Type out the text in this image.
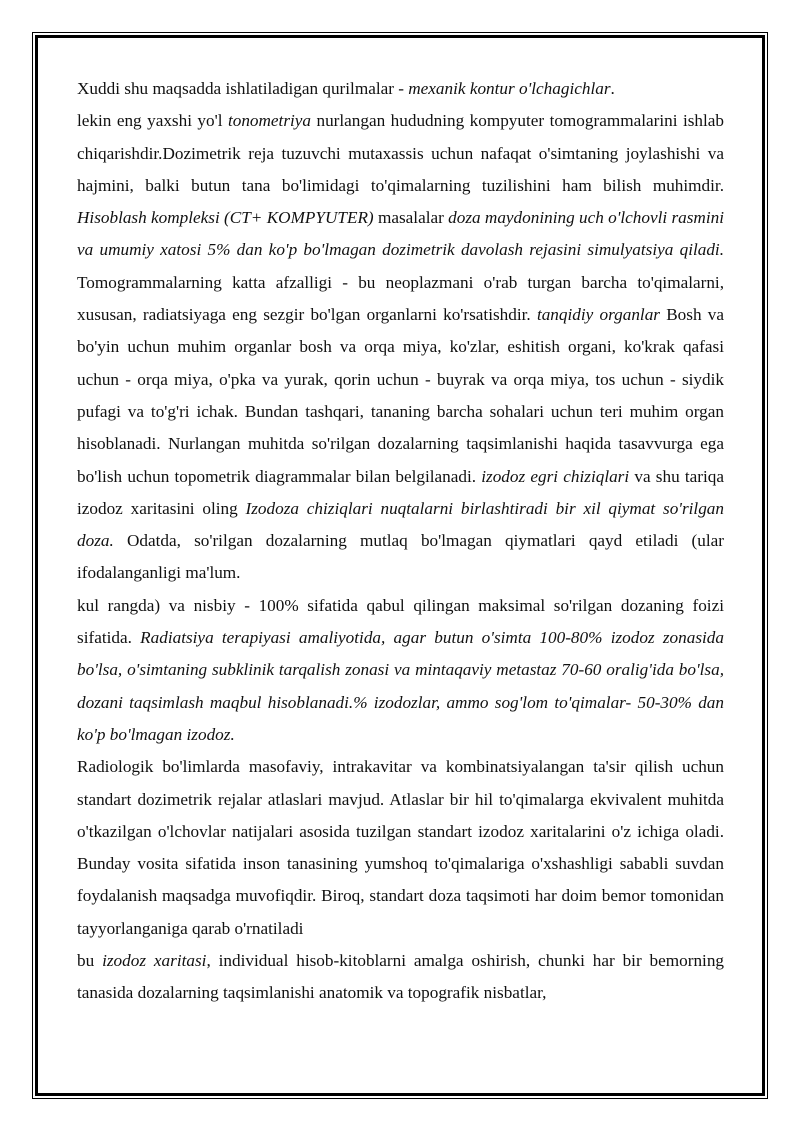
Xuddi shu maqsadda ishlatiladigan qurilmalar - mexanik kontur o'lchagichlar.

lekin eng yaxshi yo'l tonometriya nurlangan hududning kompyuter tomogrammalarini ishlab chiqarishdir.Dozimetrik reja tuzuvchi mutaxassis uchun nafaqat o'simtaning joylashishi va hajmini, balki butun tana bo'limidagi to'qimalarning tuzilishini ham bilish muhimdir. Hisoblash kompleksi (CT+ KOMPYUTER) masalalar doza maydonining uch o'lchovli rasmini va umumiy xatosi 5% dan ko'p bo'lmagan dozimetrik davolash rejasini simulyatsiya qiladi. Tomogrammalarning katta afzalligi - bu neoplazmani o'rab turgan barcha to'qimalarni, xususan, radiatsiyaga eng sezgir bo'lgan organlarni ko'rsatishdir. tanqidiy organlar Bosh va bo'yin uchun muhim organlar bosh va orqa miya, ko'zlar, eshitish organi, ko'krak qafasi uchun - orqa miya, o'pka va yurak, qorin uchun - buyrak va orqa miya, tos uchun - siydik pufagi va to'g'ri ichak. Bundan tashqari, tananing barcha sohalari uchun teri muhim organ hisoblanadi. Nurlangan muhitda so'rilgan dozalarning taqsimlanishi haqida tasavvurga ega bo'lish uchun topometrik diagrammalar bilan belgilanadi. izodoz egri chiziqlari va shu tariqa izodoz xaritasini oling Izodoza chiziqlari nuqtalarni birlashtiradi bir xil qiymat so'rilgan doza. Odatda, so'rilgan dozalarning mutlaq bo'lmagan qiymatlari qayd etiladi (ular ifodalanganligi ma'lum.

kul rangda) va nisbiy - 100% sifatida qabul qilingan maksimal so'rilgan dozaning foizi sifatida. Radiatsiya terapiyasi amaliyotida, agar butun o'simta 100-80% izodoz zonasida bo'lsa, o'simtaning subklinik tarqalish zonasi va mintaqaviy metastaz 70-60 oralig'ida bo'lsa, dozani taqsimlash maqbul hisoblanadi.% izodozlar, ammo sog'lom to'qimalar- 50-30% dan ko'p bo'lmagan izodoz.

Radiologik bo'limlarda masofaviy, intrakavitar va kombinatsiyalangan ta'sir qilish uchun standart dozimetrik rejalar atlaslari mavjud. Atlaslar bir hil to'qimalarga ekvivalent muhitda o'tkazilgan o'lchovlar natijalari asosida tuzilgan standart izodoz xaritalarini o'z ichiga oladi. Bunday vosita sifatida inson tanasining yumshoq to'qimalariga o'xshashligi sababli suvdan foydalanish maqsadga muvofiqdir. Biroq, standart doza taqsimoti har doim bemor tomonidan tayyorlanganiga qarab o'rnatiladi

bu izodoz xaritasi, individual hisob-kitoblarni amalga oshirish, chunki har bir bemorning tanasida dozalarning taqsimlanishi anatomik va topografik nisbatlar,
